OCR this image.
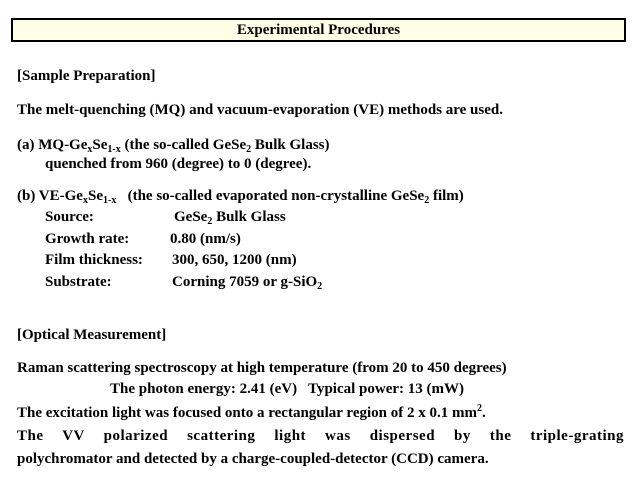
Experimental Procedures
[Sample Preparation]
The melt-quenching (MQ) and vacuum-evaporation (VE) methods are used.
(a) $MQ-Ge_xSe_{1-x}$ (the so-called GeSe$_2$ Bulk Glass)
quenched from 960 (degree) to 0 (degree).
(b) $VE-Ge_xSe_{1-x}$   (the so-called evaporated non-crystalline GeSe$_2$ film)
Source:	GeSe$_2$ Bulk Glass
Growth rate:	0.80 (nm/s)
Film thickness: 300, 650, 1200 (nm)
Substrate:	Corning 7059 or g-SiO$_2$
[Optical Measurement]
Raman scattering spectroscopy at high temperature (from 20 to 450 degrees)
The photon energy: 2.41 (eV)   Typical power: 13 (mW)
The excitation light was focused onto a rectangular region of 2 x 0.1 $mm^2$.
The VV polarized scattering light was dispersed by the triple-grating
polychromator and detected by a charge-coupled-detector (CCD) camera.
